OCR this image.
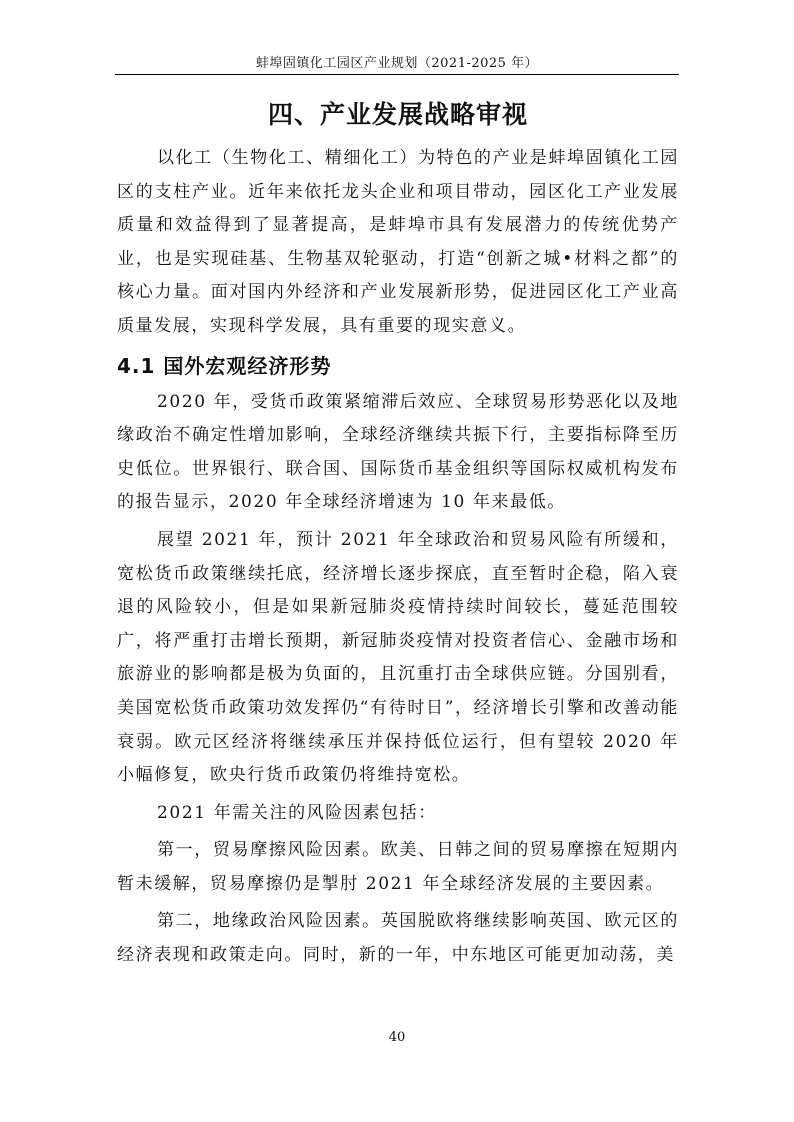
蚌埠固镇化工园区产业规划（2021-2025 年）
四、产业发展战略审视

以化工（生物化工、精细化工）为特色的产业是蚌埠固镇化工园区的支柱产业。近年来依托龙头企业和项目带动，园区化工产业发展质量和效益得到了显著提高，是蚌埠市具有发展潜力的传统优势产业，也是实现硅基、生物基双轮驱动，打造“创新之城•材料之都”的核心力量。面对国内外经济和产业发展新形势，促进园区化工产业高质量发展，实现科学发展，具有重要的现实意义。

4.1 国外宏观经济形势

2020 年，受货币政策紧缩滞后效应、全球贸易形势恶化以及地缘政治不确定性增加影响，全球经济继续共振下行，主要指标降至历史低位。世界银行、联合国、国际货币基金组织等国际权威机构发布的报告显示，2020 年全球经济增速为 10 年来最低。

展望 2021 年，预计 2021 年全球政治和贸易风险有所缓和，宽松货币政策继续托底，经济增长逐步探底，直至暂时企稳，陷入衰退的风险较小，但是如果新冠肺炎疫情持续时间较长，蔓延范围较广，将严重打击增长预期，新冠肺炎疫情对投资者信心、金融市场和旅游业的影响都是极为负面的，且沉重打击全球供应链。分国别看，美国宽松货币政策功效发挥仍“有待时日”，经济增长引擎和改善动能衰弱。欧元区经济将继续承压并保持低位运行，但有望较 2020 年小幅修复，欧央行货币政策仍将维持宽松。

2021 年需关注的风险因素包括：

第一，贸易摩擦风险因素。欧美、日韩之间的贸易摩擦在短期内暂未缓解，贸易摩擦仍是掣肘 2021 年全球经济发展的主要因素。

第二，地缘政治风险因素。英国脱欧将继续影响英国、欧元区的经济表现和政策走向。同时，新的一年，中东地区可能更加动荡，美

40
